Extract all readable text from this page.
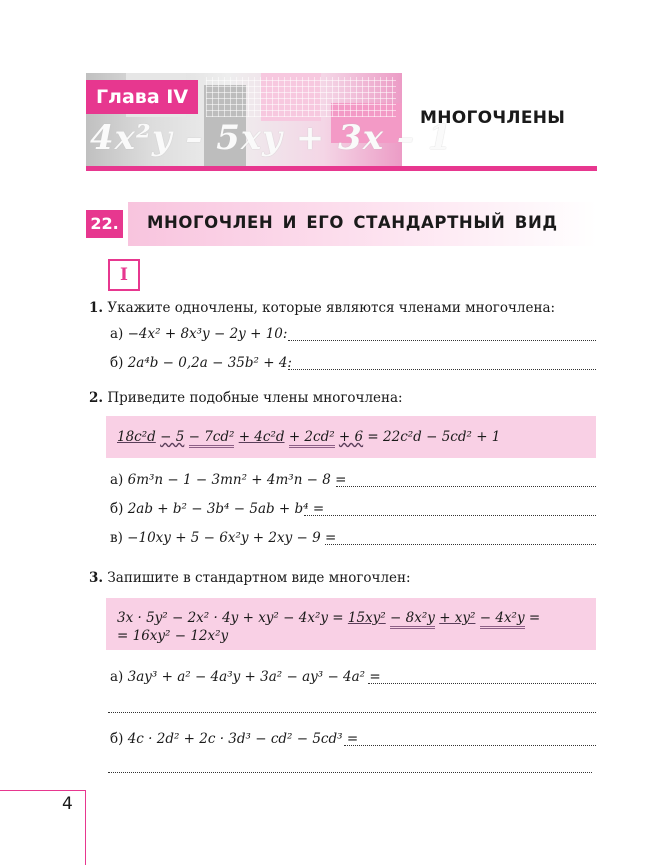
Глава IV
4x²y – 5xy + 3x – 1
МНОГОЧЛЕНЫ
22. МНОГОЧЛЕН И ЕГО СТАНДАРТНЫЙ ВИД
I
1. Укажите одночлены, которые являются членами многочлена:
а) −4x² + 8x³y − 2y + 10:
б) 2a⁴b − 0,2a − 35b² + 4:
2. Приведите подобные члены многочлена:
18c²d − 5 − 7cd² + 4c²d + 2cd² + 6 = 22c²d − 5cd² + 1
а) 6m³n − 1 − 3mn² + 4m³n − 8 =
б) 2ab + b² − 3b⁴ − 5ab + b⁴ =
в) −10xy + 5 − 6x²y + 2xy − 9 =
3. Запишите в стандартном виде многочлен:
3x · 5y² − 2x² · 4y + xy² − 4x²y = 15xy² − 8x²y + xy² − 4x²y =
= 16xy² − 12x²y
а) 3ay³ + a² − 4a³y + 3a² − ay³ − 4a² =
б) 4c · 2d² + 2c · 3d³ − cd² − 5cd³ =
4
